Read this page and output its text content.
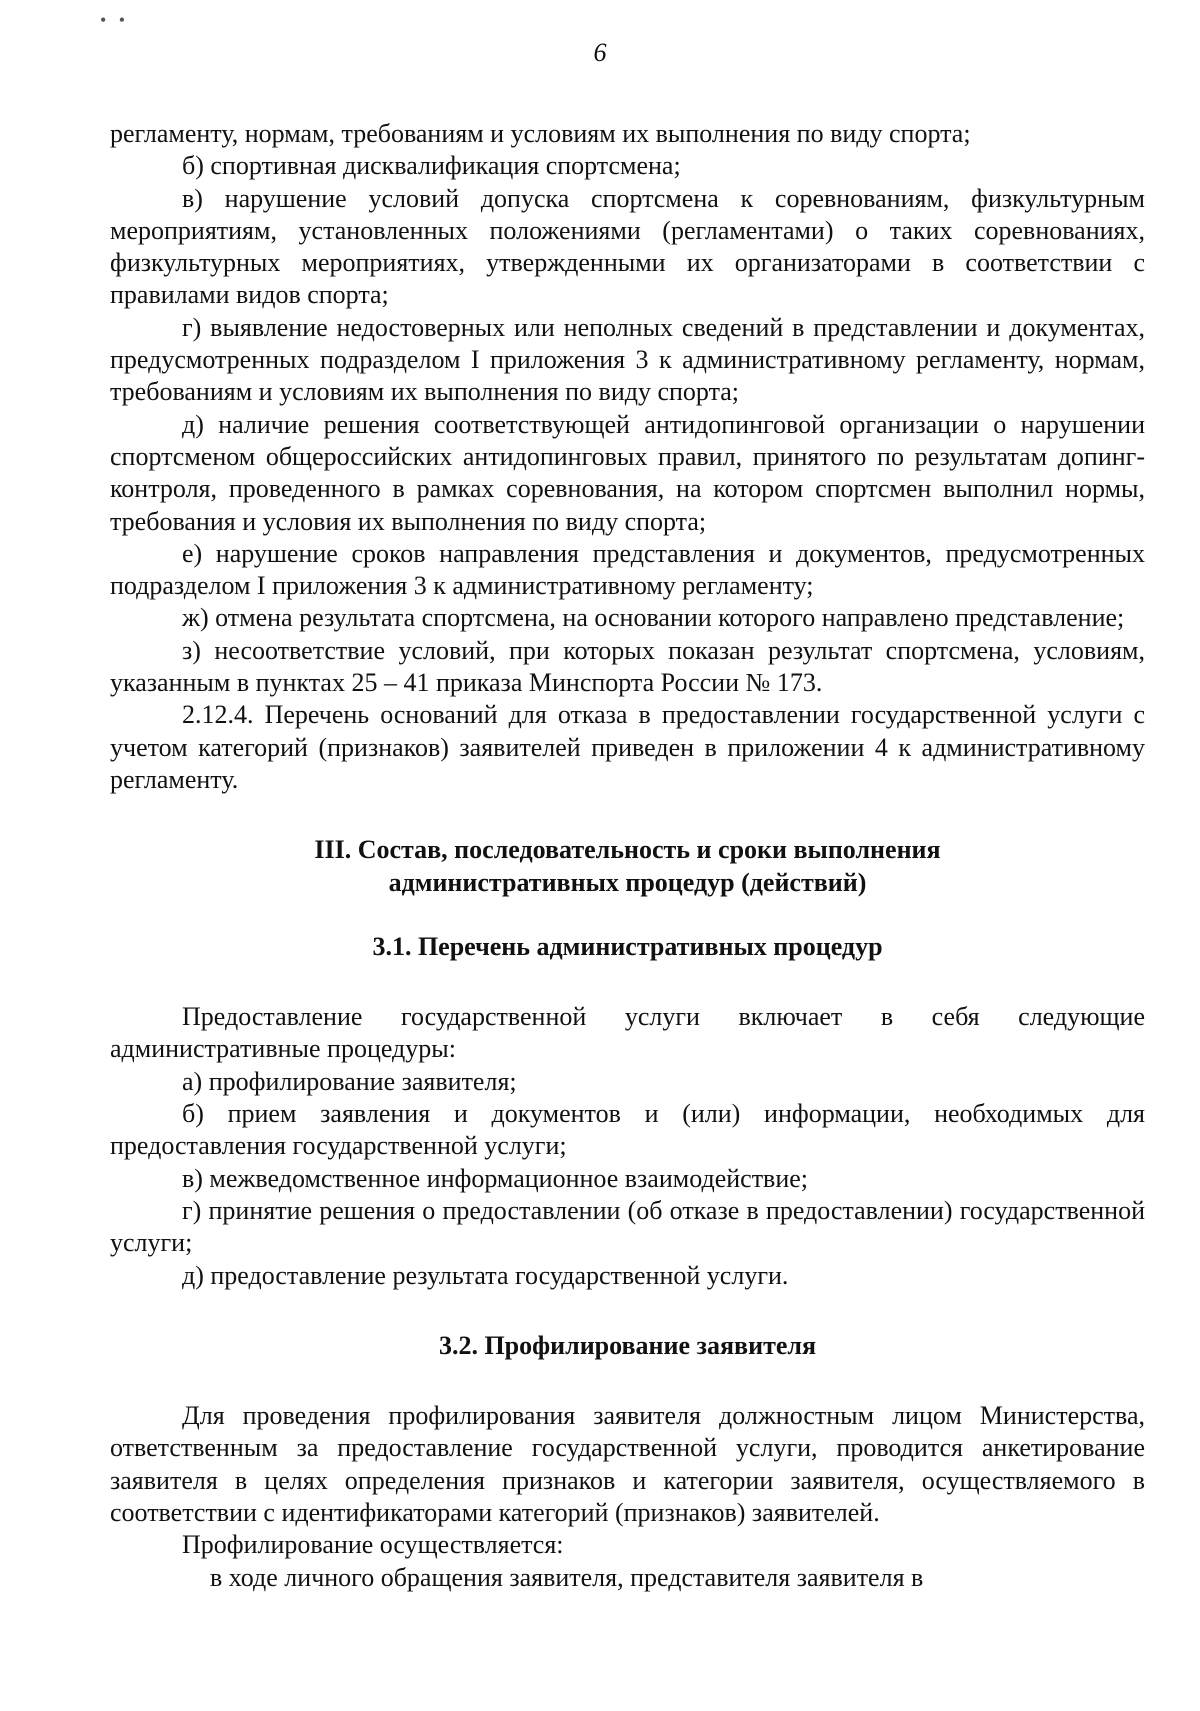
• •
6

регламенту, нормам, требованиям и условиям их выполнения по виду спорта;

б) спортивная дисквалификация спортсмена;

в) нарушение условий допуска спортсмена к соревнованиям, физкультурным мероприятиям, установленных положениями (регламентами) о таких соревнованиях, физкультурных мероприятиях, утвержденными их организаторами в соответствии с правилами видов спорта;

г) выявление недостоверных или неполных сведений в представлении и документах, предусмотренных подразделом I приложения 3 к административному регламенту, нормам, требованиям и условиям их выполнения по виду спорта;

д) наличие решения соответствующей антидопинговой организации о нарушении спортсменом общероссийских антидопинговых правил, принятого по результатам допинг-контроля, проведенного в рамках соревнования, на котором спортсмен выполнил нормы, требования и условия их выполнения по виду спорта;

е) нарушение сроков направления представления и документов, предусмотренных подразделом I приложения 3 к административному регламенту;

ж) отмена результата спортсмена, на основании которого направлено представление;

з) несоответствие условий, при которых показан результат спортсмена, условиям, указанным в пунктах 25 – 41 приказа Минспорта России № 173.

2.12.4. Перечень оснований для отказа в предоставлении государственной услуги с учетом категорий (признаков) заявителей приведен в приложении 4 к административному регламенту.

III. Состав, последовательность и сроки выполнения
административных процедур (действий)

3.1. Перечень административных процедур

Предоставление государственной услуги включает в себя следующие административные процедуры:

а) профилирование заявителя;

б) прием заявления и документов и (или) информации, необходимых для предоставления государственной услуги;

в) межведомственное информационное взаимодействие;

г) принятие решения о предоставлении (об отказе в предоставлении) государственной услуги;

д) предоставление результата государственной услуги.

3.2. Профилирование заявителя

Для проведения профилирования заявителя должностным лицом Министерства, ответственным за предоставление государственной услуги, проводится анкетирование заявителя в целях определения признаков и категории заявителя, осуществляемого в соответствии с идентификаторами категорий (признаков) заявителей.

Профилирование осуществляется:

в ходе личного обращения заявителя, представителя заявителя в
